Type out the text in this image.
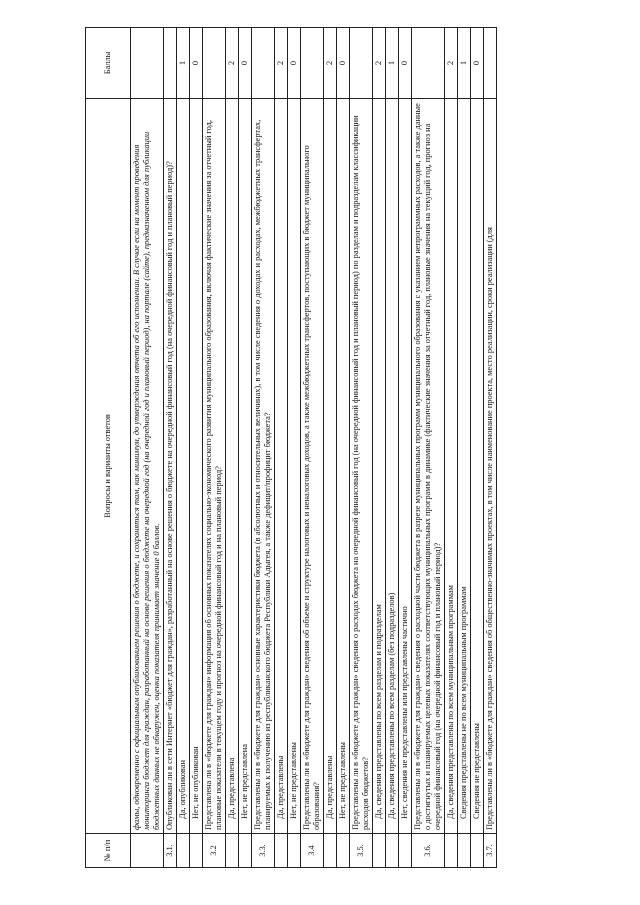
№ п/п	Вопросы и варианты ответов	Баллы
	фамы, одновременно с официальным опубликованием решения о бюджете, и сохраняться там, как минимум, до утверждения отчета об его исполнении. В случае если на момент проведения мониторинга бюджет для граждан, разработанный на основе решения о бюджете на очередной год (на очередной год и плановый период), на портале (сайте), предназначенном для публикации бюджетных данных не обнаружен, оценка показателя принимает значение 0 баллов.	
3.1.	Опубликован ли в сети Интернет «бюджет для граждан», разработанный на основе решения о бюджете на очередной финансовый год (на очередной финансовый год и плановый период)?	
	Да, опубликован	1
	Нет, не опубликован	0
3.2	Представлена ли в «бюджете для граждан» информация об основных показателях социально-экономического развития муниципального образования, включая фактические значения за отчетный год, плановые показатели в текущем году и прогноз на очередной финансовый год и на плановый период?	
	Да, представлена	2
	Нет, не представлена	0
3.3.	Представлены ли в «бюджете для граждан» основные характеристики бюджета (в абсолютных и относительных величинах), в том числе сведения о доходах и расходах, межбюджетных трансфертах, планируемых к получению из республиканского бюджета Республики Адыгея, а также дефицит/профицит бюджета?	
	Да, представлены	2
	Нет, не представлены	0
3.4	Представлены ли в «бюджете для граждан» сведения об объеме и структуре налоговых и неналоговых доходов, а также межбюджетных трансфертов, поступающих в бюджет муниципального образования?	
	Да, представлены	2
	Нет, не представлены	0
3.5.	Представлены ли в «бюджете для граждан» сведения о расходах бюджета на очередной финансовый год (на очередной финансовый год и плановый период) по разделам и подразделам классификации расходов бюджетов?	
	Да, сведения представлены по всем разделам и подразделам	2
	Да, сведения представлены по всем разделам (без подразделов)	1
	Нет, сведения не представлены или представлены частично	0
3.6.	Представлены ли в «бюджете для граждан» сведения о расходной части бюджета в разрезе муниципальных программ муниципального образования с указанием непрограммных расходов, а также данные о достигнутых и планируемых целевых показателях соответствующих муниципальных программ в динамике (фактические значения за отчетный год, плановые значения на текущий год, прогноз на очередной финансовый год (на очередной финансовый год и плановый период)?	
	Да, сведения представлены по всем муниципальным программам	2
	Сведения представлены не по всем муниципальным программам	1
	Сведения не представлены	0
3.7.	Представлены ли в «бюджете для граждан» сведения об общественно-значимых проектах, в том числе наименование проекта, место реализации, сроки реализации (для	
